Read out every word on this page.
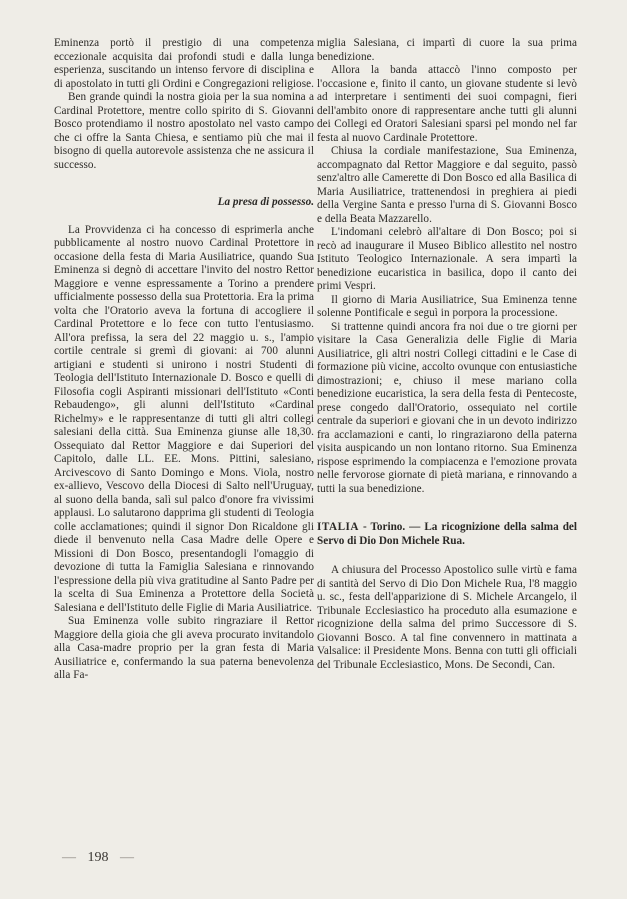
Eminenza portò il prestigio di una competenza eccezionale acquisita dai profondi studi e dalla lunga esperienza, suscitando un intenso fervore di disciplina e di apostolato in tutti gli Ordini e Congregazioni religiose.

Ben grande quindi la nostra gioia per la sua nomina a Cardinal Protettore, mentre collo spirito di S. Giovanni Bosco protendiamo il nostro apostolato nel vasto campo che ci offre la Santa Chiesa, e sentiamo più che mai il bisogno di quella autorevole assistenza che ne assicura il successo.

La presa di possesso.

La Provvidenza ci ha concesso di esprimerla anche pubblicamente al nostro nuovo Cardinal Protettore in occasione della festa di Maria Ausiliatrice, quando Sua Eminenza si degnò di accettare l'invito del nostro Rettor Maggiore e venne espressamente a Torino a prendere ufficialmente possesso della sua Protettoria. Era la prima volta che l'Oratorio aveva la fortuna di accogliere il Cardinal Protettore e lo fece con tutto l'entusiasmo. All'ora prefissa, la sera del 22 maggio u. s., l'ampio cortile centrale si gremì di giovani: ai 700 alunni artigiani e studenti si unirono i nostri Studenti di Teologia dell'Istituto Internazionale D. Bosco e quelli di Filosofia cogli Aspiranti missionari dell'Istituto «Conti Rebaudengo», gli alunni dell'Istituto «Cardinal Richelmy» e le rappresentanze di tutti gli altri collegi salesiani della città. Sua Eminenza giunse alle 18,30. Ossequiato dal Rettor Maggiore e dai Superiori del Capitolo, dalle LL. EE. Mons. Pittini, salesiano, Arcivescovo di Santo Domingo e Mons. Viola, nostro ex-allievo, Vescovo della Diocesi di Salto nell'Uruguay, al suono della banda, salì sul palco d'onore fra vivissimi applausi. Lo salutarono dapprima gli studenti di Teologia colle acclamationes; quindi il signor Don Ricaldone gli diede il benvenuto nella Casa Madre delle Opere e Missioni di Don Bosco, presentandogli l'omaggio di devozione di tutta la Famiglia Salesiana e rinnovando l'espressione della più viva gratitudine al Santo Padre per la scelta di Sua Eminenza a Protettore della Società Salesiana e dell'Istituto delle Figlie di Maria Ausiliatrice.

Sua Eminenza volle subito ringraziare il Rettor Maggiore della gioia che gli aveva procurato invitandolo alla Casa-madre proprio per la gran festa di Maria Ausiliatrice e, confermando la sua paterna benevolenza alla Fa-

miglia Salesiana, ci impartì di cuore la sua prima benedizione.

Allora la banda attaccò l'inno composto per l'occasione e, finito il canto, un giovane studente si levò ad interpretare i sentimenti dei suoi compagni, fieri dell'ambito onore di rappresentare anche tutti gli alunni dei Collegi ed Oratori Salesiani sparsi pel mondo nel far festa al nuovo Cardinale Protettore.

Chiusa la cordiale manifestazione, Sua Eminenza, accompagnato dal Rettor Maggiore e dal seguito, passò senz'altro alle Camerette di Don Bosco ed alla Basilica di Maria Ausiliatrice, trattenendosi in preghiera ai piedi della Vergine Santa e presso l'urna di S. Giovanni Bosco e della Beata Mazzarello.

L'indomani celebrò all'altare di Don Bosco; poi si recò ad inaugurare il Museo Biblico allestito nel nostro Istituto Teologico Internazionale. A sera impartì la benedizione eucaristica in basilica, dopo il canto dei primi Vespri.

Il giorno di Maria Ausiliatrice, Sua Eminenza tenne solenne Pontificale e seguì in porpora la processione.

Si trattenne quindi ancora fra noi due o tre giorni per visitare la Casa Generalizia delle Figlie di Maria Ausiliatrice, gli altri nostri Collegi cittadini e le Case di formazione più vicine, accolto ovunque con entusiastiche dimostrazioni; e, chiuso il mese mariano colla benedizione eucaristica, la sera della festa di Pentecoste, prese congedo dall'Oratorio, ossequiato nel cortile centrale da superiori e giovani che in un devoto indirizzo fra acclamazioni e canti, lo ringraziarono della paterna visita auspicando un non lontano ritorno. Sua Eminenza rispose esprimendo la compiacenza e l'emozione provata nelle fervorose giornate di pietà mariana, e rinnovando a tutti la sua benedizione.

ITALIA - Torino. — La ricognizione della salma del Servo di Dio Don Michele Rua.

A chiusura del Processo Apostolico sulle virtù e fama di santità del Servo di Dio Don Michele Rua, l'8 maggio u. sc., festa dell'apparizione di S. Michele Arcangelo, il Tribunale Ecclesiastico ha proceduto alla esumazione e ricognizione della salma del primo Successore di S. Giovanni Bosco. A tal fine convennero in mattinata a Valsalice: il Presidente Mons. Benna con tutti gli officiali del Tribunale Ecclesiastico, Mons. De Secondi, Can.

— 198 —
